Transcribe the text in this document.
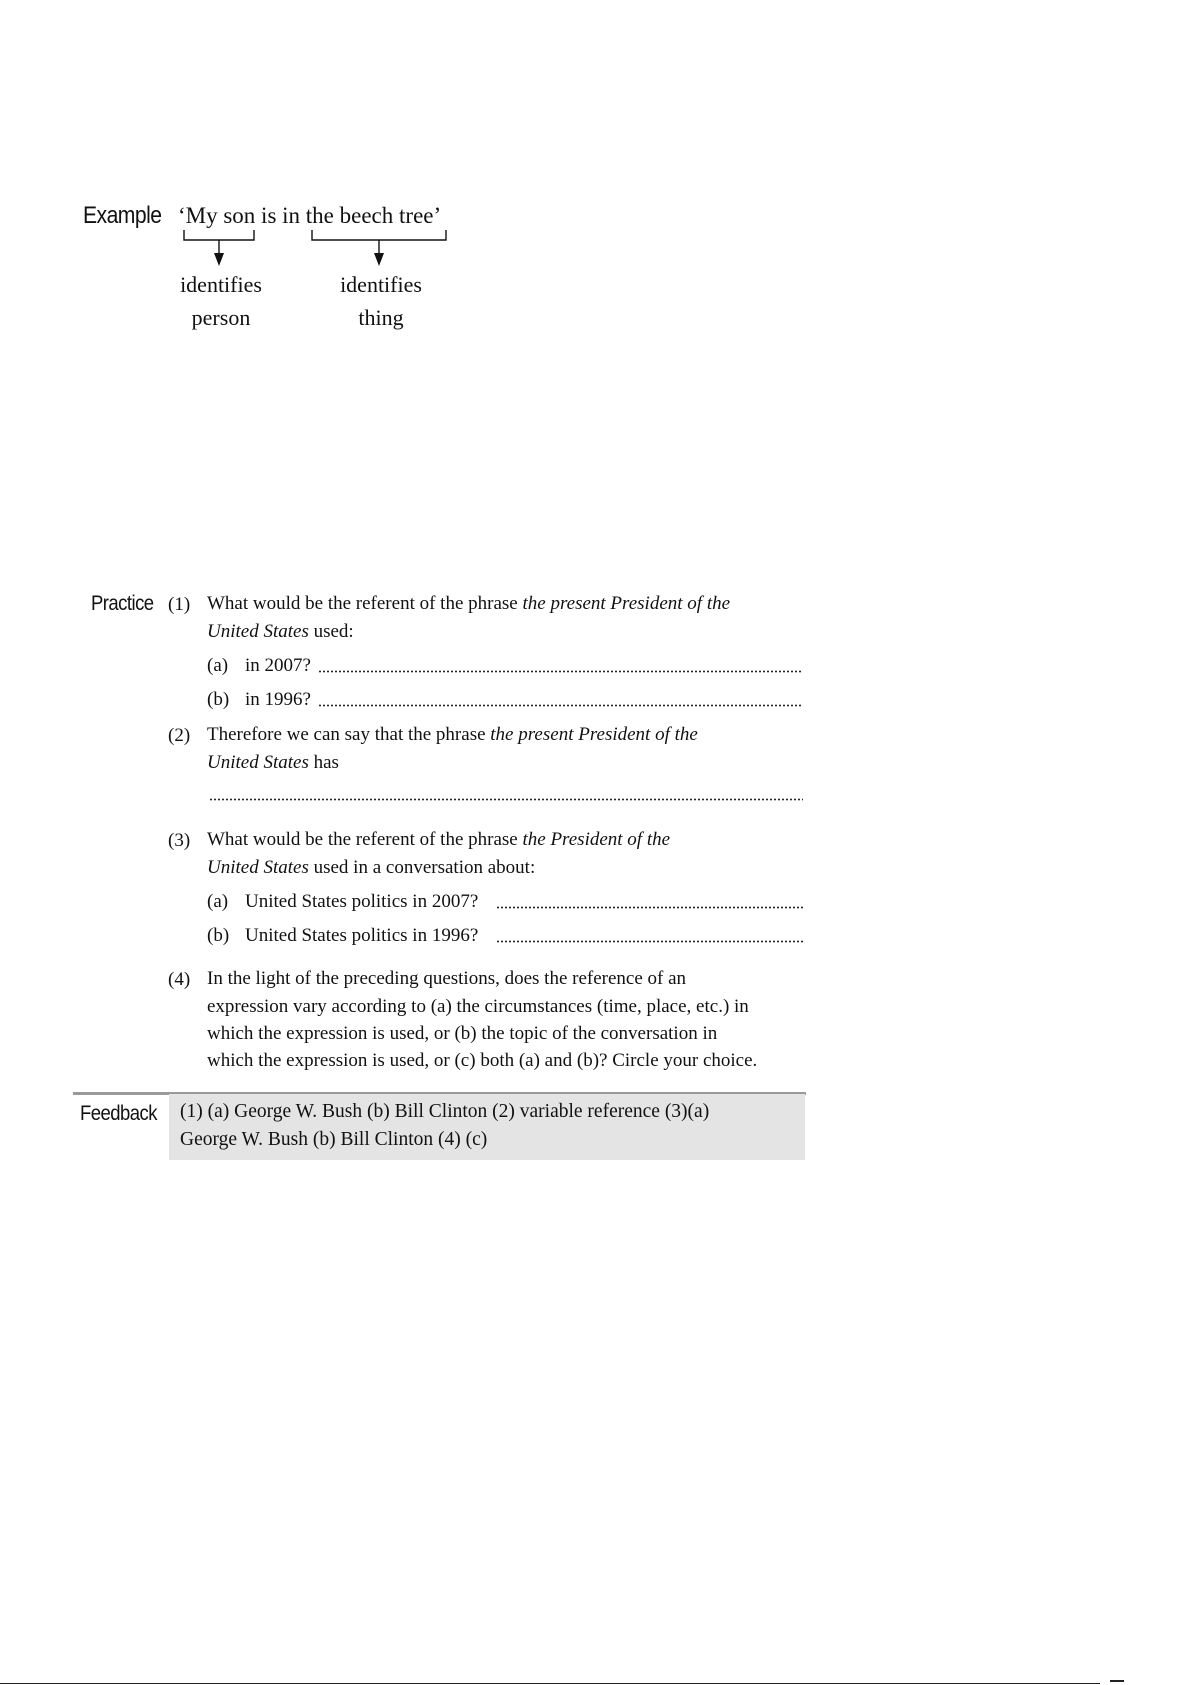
Example ‘My son is in the beech tree’
identifies
person
identifies
thing
Practice (1) What would be the referent of the phrase the present President of the
United States used:
(a) in 2007?
(b) in 1996?
(2) Therefore we can say that the phrase the present President of the
United States has
(3) What would be the referent of the phrase the President of the
United States used in a conversation about:
(a) United States politics in 2007?
(b) United States politics in 1996?
(4) In the light of the preceding questions, does the reference of an
expression vary according to (a) the circumstances (time, place, etc.) in
which the expression is used, or (b) the topic of the conversation in
which the expression is used, or (c) both (a) and (b)? Circle your choice.
Feedback (1) (a) George W. Bush (b) Bill Clinton (2) variable reference (3)(a)
George W. Bush (b) Bill Clinton (4) (c)
